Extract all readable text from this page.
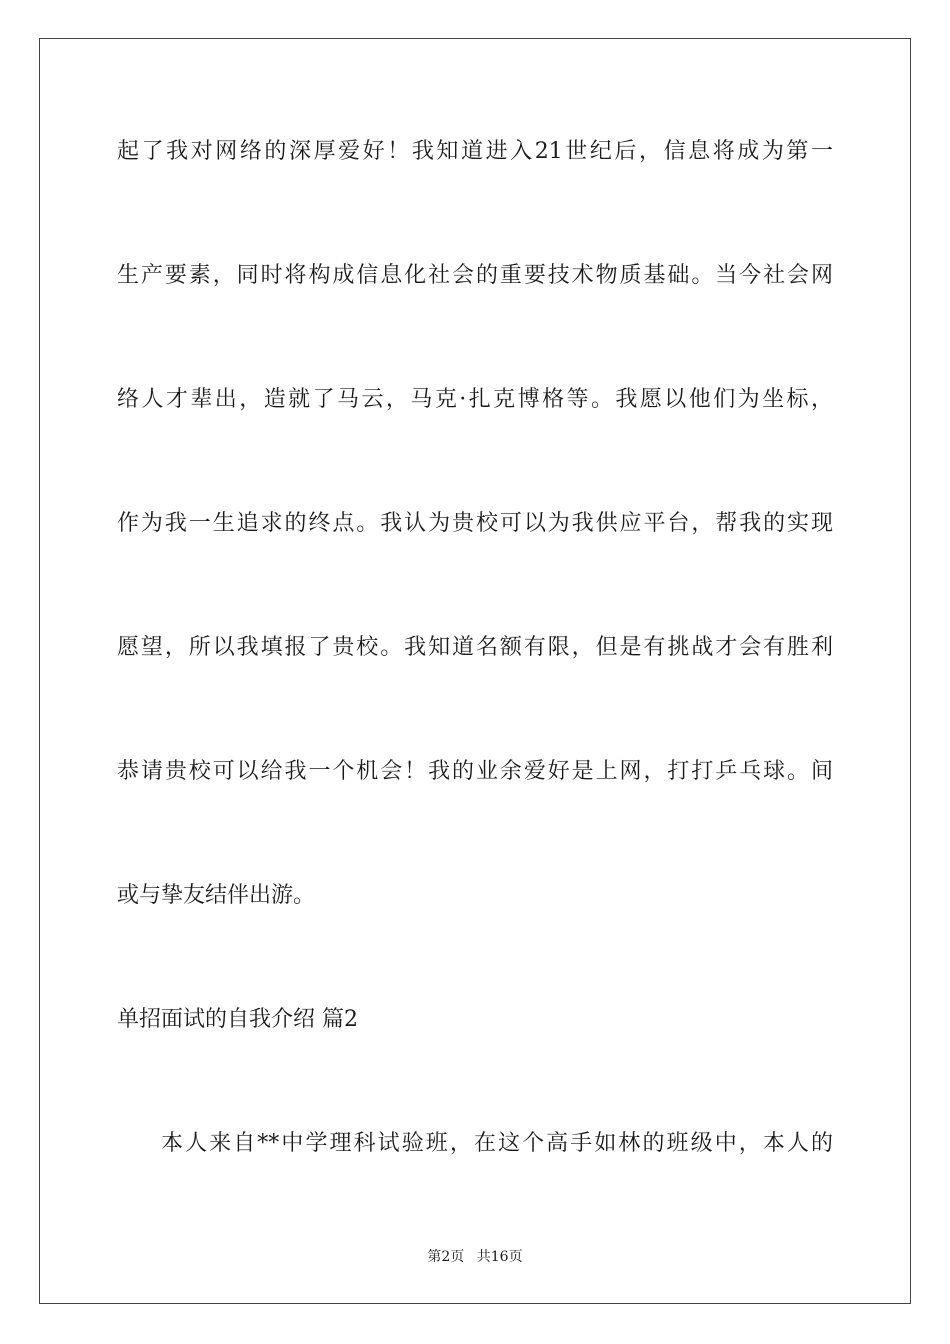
起了我对网络的深厚爱好！我知道进入21世纪后，信息将成为第一
生产要素，同时将构成信息化社会的重要技术物质基础。当今社会网
络人才辈出，造就了马云，马克·扎克博格等。我愿以他们为坐标，
作为我一生追求的终点。我认为贵校可以为我供应平台，帮我的实现
愿望，所以我填报了贵校。我知道名额有限，但是有挑战才会有胜利
恭请贵校可以给我一个机会！我的业余爱好是上网，打打乒乓球。间
或与挚友结伴出游。
单招面试的自我介绍 篇2
本人来自**中学理科试验班，在这个高手如林的班级中，本人的
第2页 共16页
